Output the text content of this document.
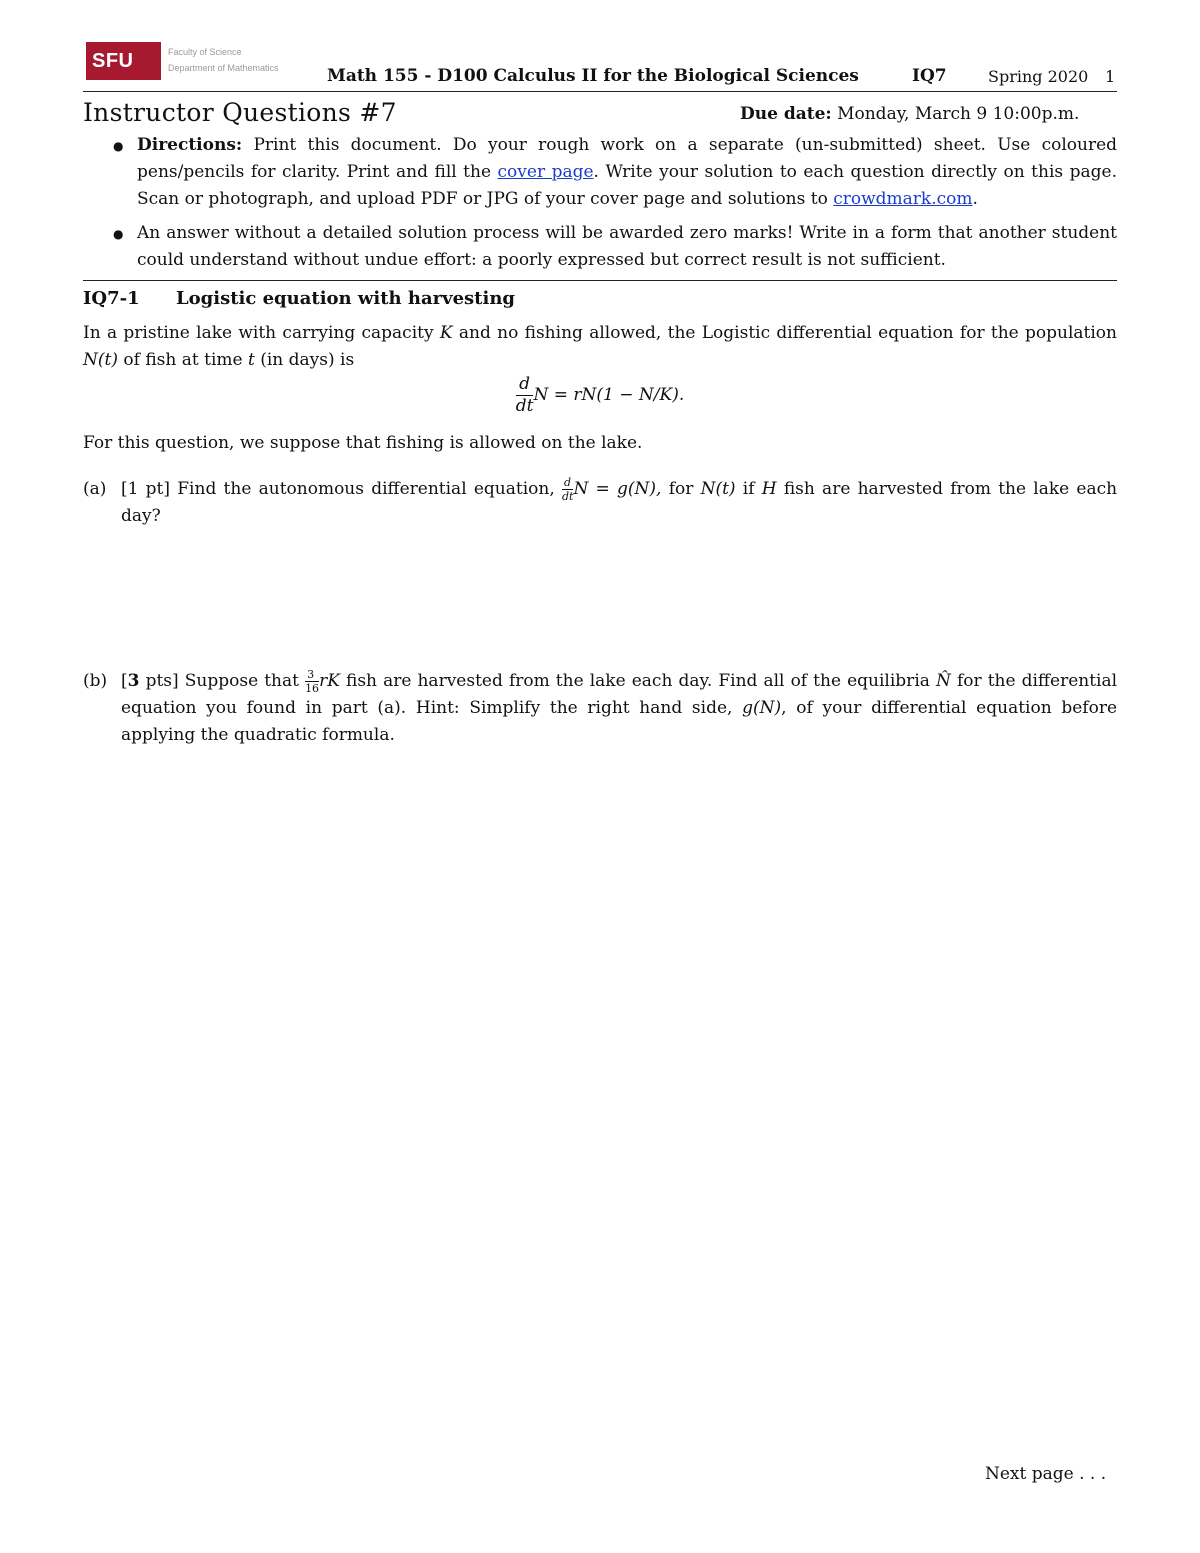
SFU	Faculty of Science
Department of Mathematics	Math 155 - D100 Calculus II for the Biological Sciences	IQ7	Spring 2020 1
Instructor Questions #7	Due date: Monday, March 9 10:00p.m.
● Directions: Print this document. Do your rough work on a separate (un-submitted) sheet. Use coloured pens/pencils for clarity. Print and fill the cover page. Write your solution to each question directly on this page. Scan or photograph, and upload PDF or JPG of your cover page and solutions to crowdmark.com.
● An answer without a detailed solution process will be awarded zero marks! Write in a form that another student could understand without undue effort: a poorly expressed but correct result is not sufficient.
IQ7-1 Logistic equation with harvesting
In a pristine lake with carrying capacity K and no fishing allowed, the Logistic differential equation for the population N(t) of fish at time t (in days) is
$\frac{d}{dt}$ N = rN(1 − N/K).
For this question, we suppose that fishing is allowed on the lake.
(a) [1 pt] Find the autonomous differential equation, $\frac{d}{dt}$ N = g(N), for N(t) if H fish are harvested from the lake each day?
(b) [3 pts] Suppose that $\frac{3}{16}$ rK fish are harvested from the lake each day. Find all of the equilibria N̂ for the differential equation you found in part (a). Hint: Simplify the right hand side, g(N), of your differential equation before applying the quadratic formula.
Next page . . .
